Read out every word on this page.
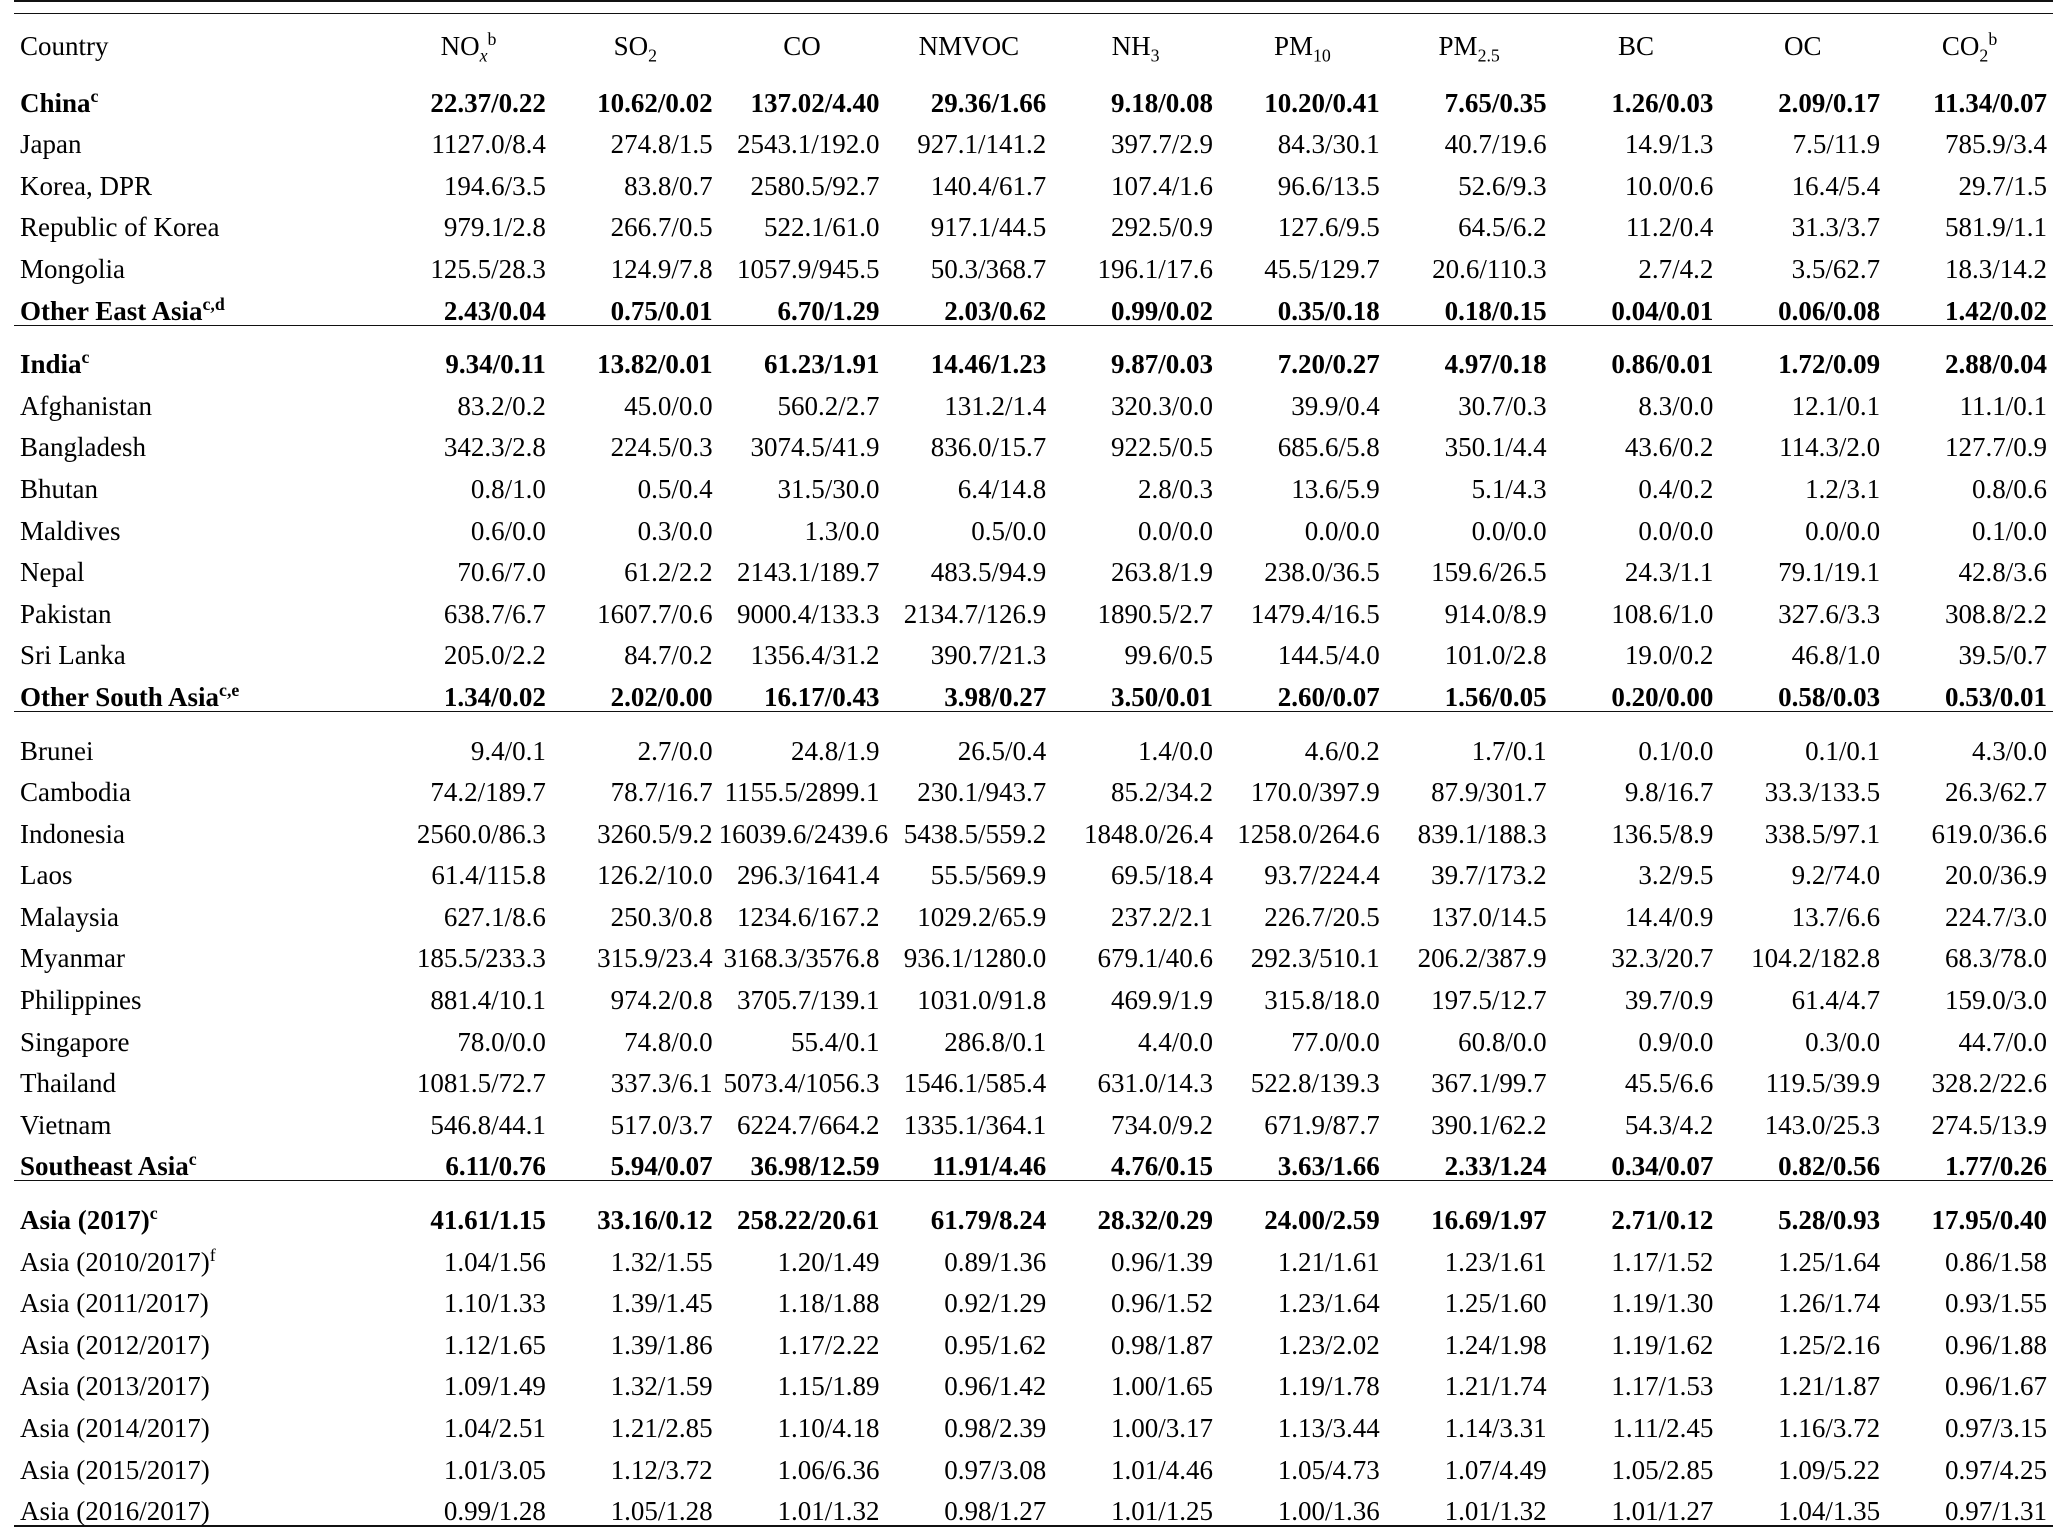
Country	$NO_x^b$	$SO_2$	CO	NMVOC	$NH_3$	$PM_{10}$	$PM_{2.5}$	BC	OC	$CO_2^b$

China$^c$	22.37/0.22	10.62/0.02	137.02/4.40	29.36/1.66	9.18/0.08	10.20/0.41	7.65/0.35	1.26/0.03	2.09/0.17	11.34/0.07
Japan	1127.0/8.4	274.8/1.5	2543.1/192.0	927.1/141.2	397.7/2.9	84.3/30.1	40.7/19.6	14.9/1.3	7.5/11.9	785.9/3.4
Korea, DPR	194.6/3.5	83.8/0.7	2580.5/92.7	140.4/61.7	107.4/1.6	96.6/13.5	52.6/9.3	10.0/0.6	16.4/5.4	29.7/1.5
Republic of Korea	979.1/2.8	266.7/0.5	522.1/61.0	917.1/44.5	292.5/0.9	127.6/9.5	64.5/6.2	11.2/0.4	31.3/3.7	581.9/1.1
Mongolia	125.5/28.3	124.9/7.8	1057.9/945.5	50.3/368.7	196.1/17.6	45.5/129.7	20.6/110.3	2.7/4.2	3.5/62.7	18.3/14.2
Other East Asia$^{c,d}$	2.43/0.04	0.75/0.01	6.70/1.29	2.03/0.62	0.99/0.02	0.35/0.18	0.18/0.15	0.04/0.01	0.06/0.08	1.42/0.02

India$^c$	9.34/0.11	13.82/0.01	61.23/1.91	14.46/1.23	9.87/0.03	7.20/0.27	4.97/0.18	0.86/0.01	1.72/0.09	2.88/0.04
Afghanistan	83.2/0.2	45.0/0.0	560.2/2.7	131.2/1.4	320.3/0.0	39.9/0.4	30.7/0.3	8.3/0.0	12.1/0.1	11.1/0.1
Bangladesh	342.3/2.8	224.5/0.3	3074.5/41.9	836.0/15.7	922.5/0.5	685.6/5.8	350.1/4.4	43.6/0.2	114.3/2.0	127.7/0.9
Bhutan	0.8/1.0	0.5/0.4	31.5/30.0	6.4/14.8	2.8/0.3	13.6/5.9	5.1/4.3	0.4/0.2	1.2/3.1	0.8/0.6
Maldives	0.6/0.0	0.3/0.0	1.3/0.0	0.5/0.0	0.0/0.0	0.0/0.0	0.0/0.0	0.0/0.0	0.0/0.0	0.1/0.0
Nepal	70.6/7.0	61.2/2.2	2143.1/189.7	483.5/94.9	263.8/1.9	238.0/36.5	159.6/26.5	24.3/1.1	79.1/19.1	42.8/3.6
Pakistan	638.7/6.7	1607.7/0.6	9000.4/133.3	2134.7/126.9	1890.5/2.7	1479.4/16.5	914.0/8.9	108.6/1.0	327.6/3.3	308.8/2.2
Sri Lanka	205.0/2.2	84.7/0.2	1356.4/31.2	390.7/21.3	99.6/0.5	144.5/4.0	101.0/2.8	19.0/0.2	46.8/1.0	39.5/0.7
Other South Asia$^{c,e}$	1.34/0.02	2.02/0.00	16.17/0.43	3.98/0.27	3.50/0.01	2.60/0.07	1.56/0.05	0.20/0.00	0.58/0.03	0.53/0.01

Brunei	9.4/0.1	2.7/0.0	24.8/1.9	26.5/0.4	1.4/0.0	4.6/0.2	1.7/0.1	0.1/0.0	0.1/0.1	4.3/0.0
Cambodia	74.2/189.7	78.7/16.7	1155.5/2899.1	230.1/943.7	85.2/34.2	170.0/397.9	87.9/301.7	9.8/16.7	33.3/133.5	26.3/62.7
Indonesia	2560.0/86.3	3260.5/9.2	16039.6/2439.6	5438.5/559.2	1848.0/26.4	1258.0/264.6	839.1/188.3	136.5/8.9	338.5/97.1	619.0/36.6
Laos	61.4/115.8	126.2/10.0	296.3/1641.4	55.5/569.9	69.5/18.4	93.7/224.4	39.7/173.2	3.2/9.5	9.2/74.0	20.0/36.9
Malaysia	627.1/8.6	250.3/0.8	1234.6/167.2	1029.2/65.9	237.2/2.1	226.7/20.5	137.0/14.5	14.4/0.9	13.7/6.6	224.7/3.0
Myanmar	185.5/233.3	315.9/23.4	3168.3/3576.8	936.1/1280.0	679.1/40.6	292.3/510.1	206.2/387.9	32.3/20.7	104.2/182.8	68.3/78.0
Philippines	881.4/10.1	974.2/0.8	3705.7/139.1	1031.0/91.8	469.9/1.9	315.8/18.0	197.5/12.7	39.7/0.9	61.4/4.7	159.0/3.0
Singapore	78.0/0.0	74.8/0.0	55.4/0.1	286.8/0.1	4.4/0.0	77.0/0.0	60.8/0.0	0.9/0.0	0.3/0.0	44.7/0.0
Thailand	1081.5/72.7	337.3/6.1	5073.4/1056.3	1546.1/585.4	631.0/14.3	522.8/139.3	367.1/99.7	45.5/6.6	119.5/39.9	328.2/22.6
Vietnam	546.8/44.1	517.0/3.7	6224.7/664.2	1335.1/364.1	734.0/9.2	671.9/87.7	390.1/62.2	54.3/4.2	143.0/25.3	274.5/13.9
Southeast Asia$^c$	6.11/0.76	5.94/0.07	36.98/12.59	11.91/4.46	4.76/0.15	3.63/1.66	2.33/1.24	0.34/0.07	0.82/0.56	1.77/0.26

Asia $(2017)^c$	41.61/1.15	33.16/0.12	258.22/20.61	61.79/8.24	28.32/0.29	24.00/2.59	16.69/1.97	2.71/0.12	5.28/0.93	17.95/0.40
Asia $(2010/2017)^f$	1.04/1.56	1.32/1.55	1.20/1.49	0.89/1.36	0.96/1.39	1.21/1.61	1.23/1.61	1.17/1.52	1.25/1.64	0.86/1.58
Asia (2011/2017)	1.10/1.33	1.39/1.45	1.18/1.88	0.92/1.29	0.96/1.52	1.23/1.64	1.25/1.60	1.19/1.30	1.26/1.74	0.93/1.55
Asia (2012/2017)	1.12/1.65	1.39/1.86	1.17/2.22	0.95/1.62	0.98/1.87	1.23/2.02	1.24/1.98	1.19/1.62	1.25/2.16	0.96/1.88
Asia (2013/2017)	1.09/1.49	1.32/1.59	1.15/1.89	0.96/1.42	1.00/1.65	1.19/1.78	1.21/1.74	1.17/1.53	1.21/1.87	0.96/1.67
Asia (2014/2017)	1.04/2.51	1.21/2.85	1.10/4.18	0.98/2.39	1.00/3.17	1.13/3.44	1.14/3.31	1.11/2.45	1.16/3.72	0.97/3.15
Asia (2015/2017)	1.01/3.05	1.12/3.72	1.06/6.36	0.97/3.08	1.01/4.46	1.05/4.73	1.07/4.49	1.05/2.85	1.09/5.22	0.97/4.25
Asia (2016/2017)	0.99/1.28	1.05/1.28	1.01/1.32	0.98/1.27	1.01/1.25	1.00/1.36	1.01/1.32	1.01/1.27	1.04/1.35	0.97/1.31
